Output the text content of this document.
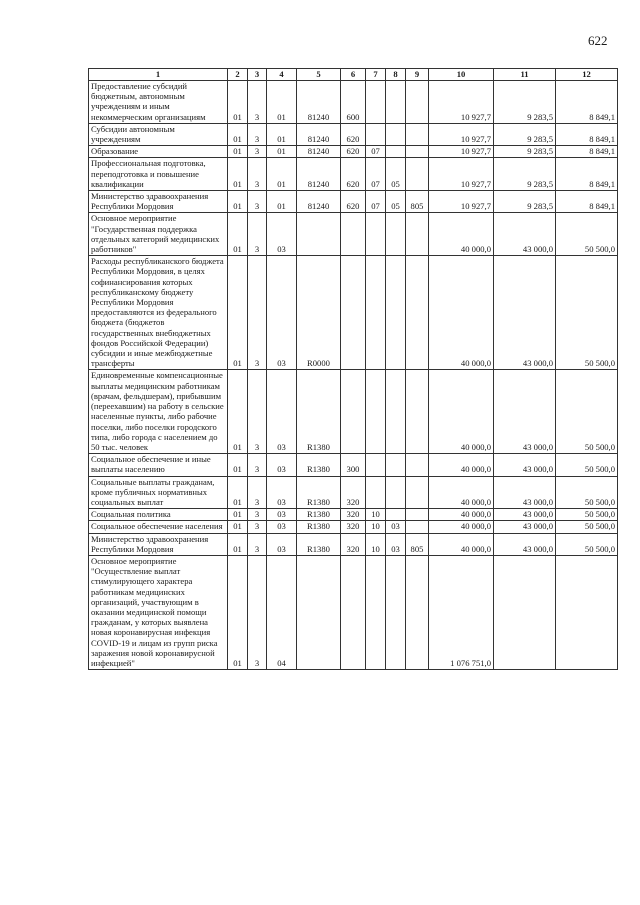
622
1	2	3	4	5	6	7	8	9	10	11	12
Предоставление субсидий бюджетным, автономным учреждениям и иным некоммерческим организациям	01	3	01	81240	600				10 927,7	9 283,5	8 849,1
Субсидии автономным учреждениям	01	3	01	81240	620				10 927,7	9 283,5	8 849,1
Образование	01	3	01	81240	620	07			10 927,7	9 283,5	8 849,1
Профессиональная подготовка, переподготовка и повышение квалификации	01	3	01	81240	620	07	05		10 927,7	9 283,5	8 849,1
Министерство здравоохранения Республики Мордовия	01	3	01	81240	620	07	05	805	10 927,7	9 283,5	8 849,1
Основное мероприятие "Государственная поддержка отдельных категорий медицинских работников"	01	3	03						40 000,0	43 000,0	50 500,0
Расходы республиканского бюджета Республики Мордовия, в целях софинансирования которых республиканскому бюджету Республики Мордовия предоставляются из федерального бюджета (бюджетов государственных внебюджетных фондов Российской Федерации) субсидии и иные межбюджетные трансферты	01	3	03	R0000					40 000,0	43 000,0	50 500,0
Единовременные компенсационные выплаты медицинским работникам (врачам, фельдшерам), прибывшим (переехавшим) на работу в сельские населенные пункты, либо рабочие поселки, либо поселки городского типа, либо города с населением до 50 тыс. человек	01	3	03	R1380					40 000,0	43 000,0	50 500,0
Социальное обеспечение и иные выплаты населению	01	3	03	R1380	300				40 000,0	43 000,0	50 500,0
Социальные выплаты гражданам, кроме публичных нормативных социальных выплат	01	3	03	R1380	320				40 000,0	43 000,0	50 500,0
Социальная политика	01	3	03	R1380	320	10			40 000,0	43 000,0	50 500,0
Социальное обеспечение населения	01	3	03	R1380	320	10	03		40 000,0	43 000,0	50 500,0
Министерство здравоохранения Республики Мордовия	01	3	03	R1380	320	10	03	805	40 000,0	43 000,0	50 500,0
Основное мероприятие "Осуществление выплат стимулирующего характера работникам медицинских организаций, участвующим в оказании медицинской помощи гражданам, у которых выявлена новая коронавирусная инфекция COVID-19 и лицам из групп риска заражения новой коронавирусной инфекцией"	01	3	04						1 076 751,0		
